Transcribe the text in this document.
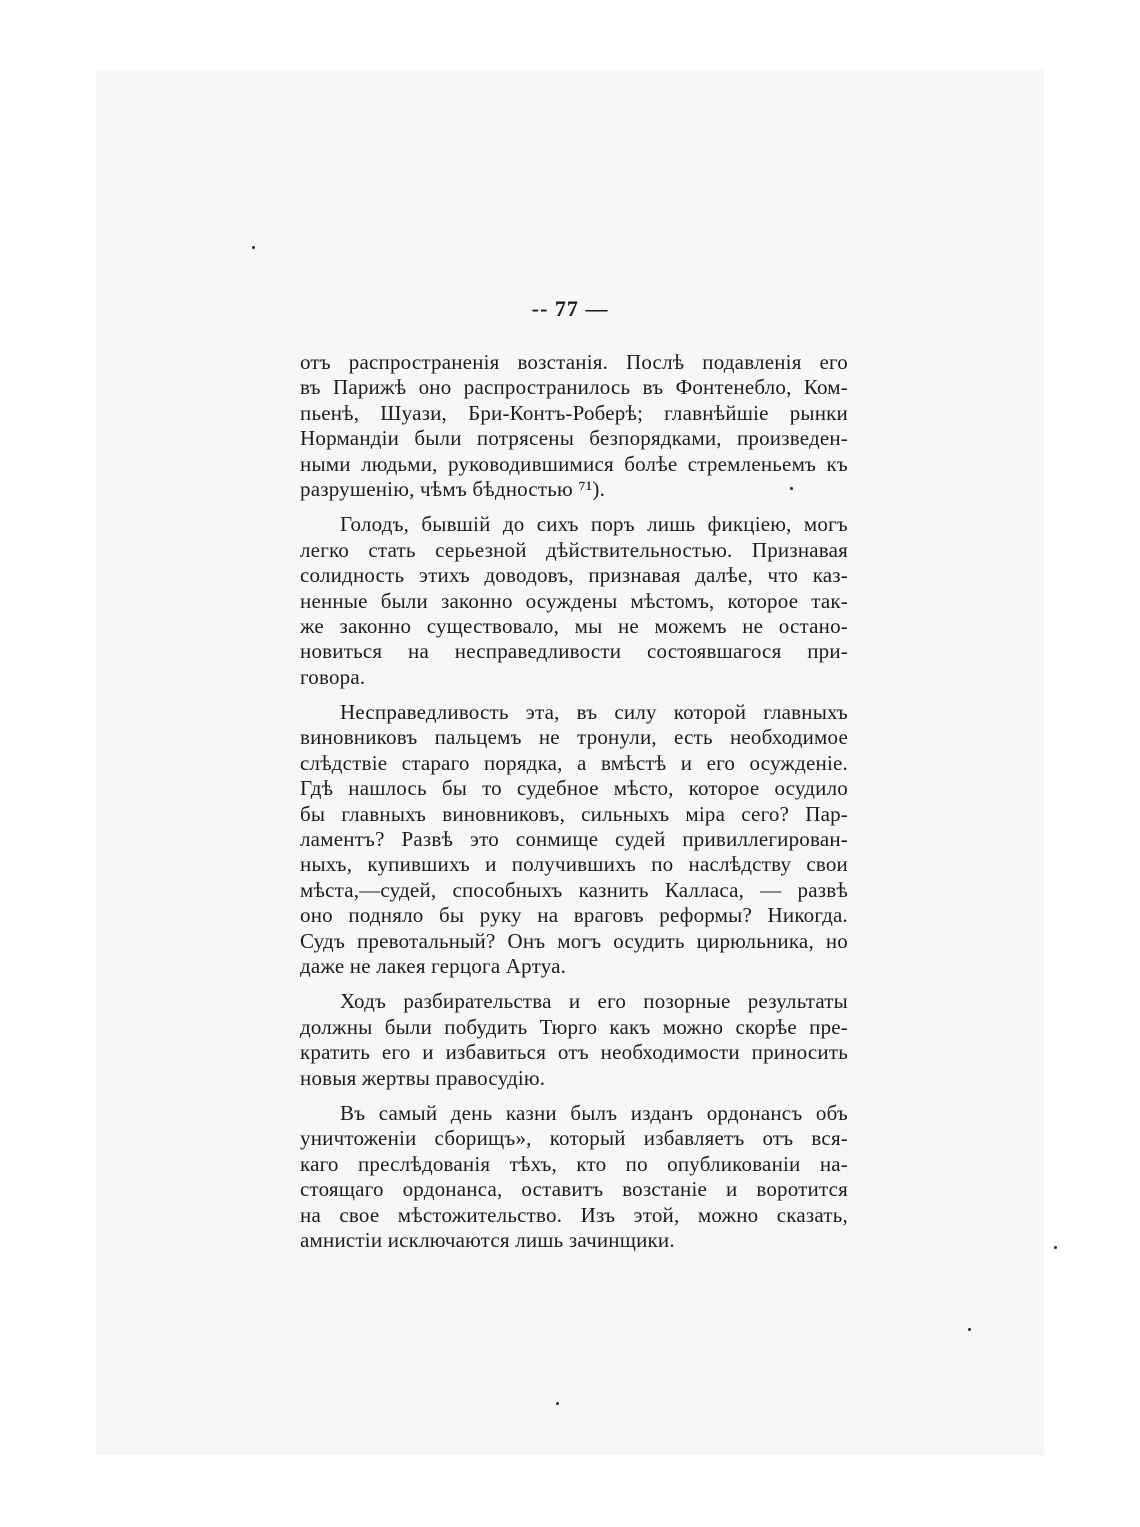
-- 77 —

отъ распространенія возстанія. Послѣ подавленія его
въ Парижѣ оно распространилось въ Фонтенебло, Ком-
пьенѣ, Шуази, Бри-Контъ-Роберѣ; главнѣйшіе рынки
Нормандіи были потрясены безпорядками, произведен-
ными людьми, руководившимися болѣе стремленьемъ къ
разрушенію, чѣмъ бѣдностью ⁷¹).

Голодъ, бывшій до сихъ поръ лишь фикціею, могъ
легко стать серьезной дѣйствительностью. Признавая
солидность этихъ доводовъ, признавая далѣе, что каз-
ненные были законно осуждены мѣстомъ, которое так-
же законно существовало, мы не можемъ не остано-
новиться на несправедливости состоявшагося при-
говора.

Несправедливость эта, въ силу которой главныхъ
виновниковъ пальцемъ не тронули, есть необходимое
слѣдствіе стараго порядка, а вмѣстѣ и его осужденіе.
Гдѣ нашлось бы то судебное мѣсто, которое осудило
бы главныхъ виновниковъ, сильныхъ міра сего? Пар-
ламентъ? Развѣ это сонмище судей привиллегирован-
ныхъ, купившихъ и получившихъ по наслѣдству свои
мѣста,—судей, способныхъ казнить Калласа, — развѣ
оно подняло бы руку на враговъ реформы? Никогда.
Судъ превотальный? Онъ могъ осудить цирюльника, но
даже не лакея герцога Артуа.

Ходъ разбирательства и его позорные результаты
должны были побудить Тюрго какъ можно скорѣе пре-
кратить его и избавиться отъ необходимости приносить
новыя жертвы правосудію.

Въ самый день казни былъ изданъ ордонансъ объ
уничтоженіи сборищъ», который избавляетъ отъ вся-
каго преслѣдованія тѣхъ, кто по опубликованіи на-
стоящаго ордонанса, оставитъ возстаніе и воротится
на свое мѣстожительство. Изъ этой, можно сказать,
амнистіи исключаются лишь зачинщики.
